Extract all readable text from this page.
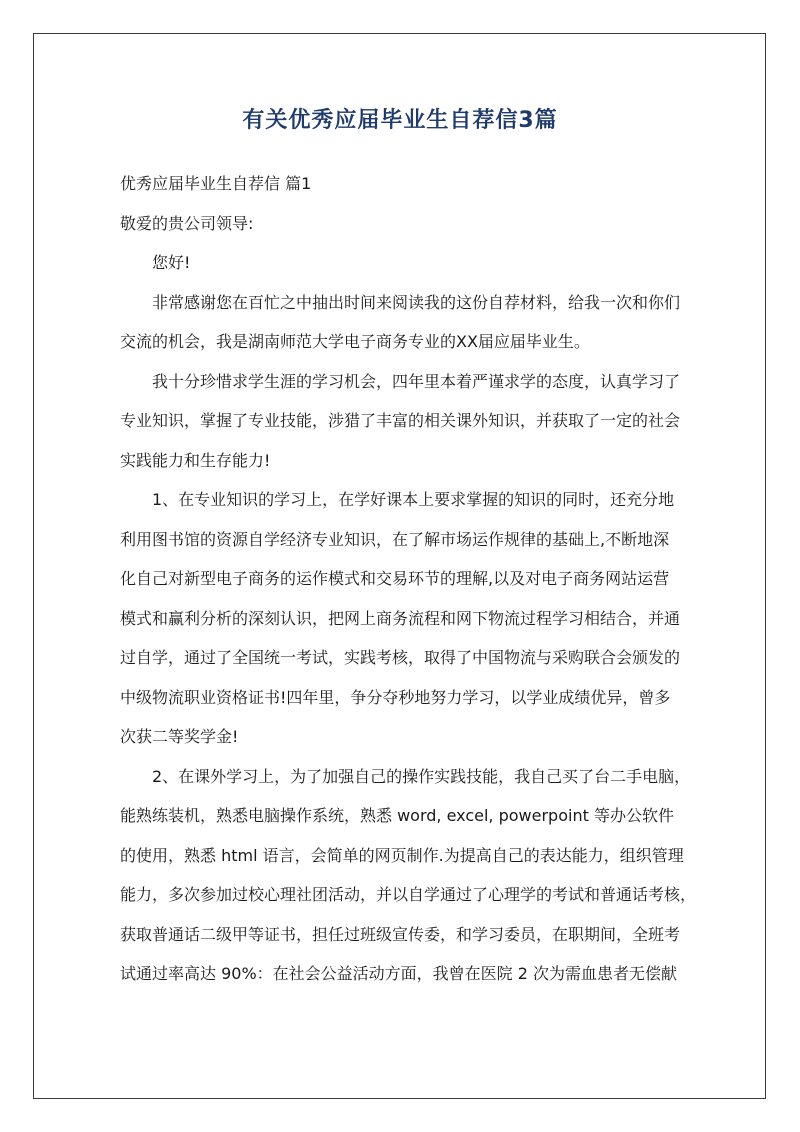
有关优秀应届毕业生自荐信3篇
优秀应届毕业生自荐信 篇1
敬爱的贵公司领导:
您好!
非常感谢您在百忙之中抽出时间来阅读我的这份自荐材料，给我一次和你们
交流的机会，我是湖南师范大学电子商务专业的XX届应届毕业生。
我十分珍惜求学生涯的学习机会，四年里本着严谨求学的态度，认真学习了
专业知识，掌握了专业技能，涉猎了丰富的相关课外知识，并获取了一定的社会
实践能力和生存能力!
1、在专业知识的学习上，在学好课本上要求掌握的知识的同时，还充分地
利用图书馆的资源自学经济专业知识，在了解市场运作规律的基础上,不断地深
化自己对新型电子商务的运作模式和交易环节的理解,以及对电子商务网站运营
模式和赢利分析的深刻认识，把网上商务流程和网下物流过程学习相结合，并通
过自学，通过了全国统一考试，实践考核，取得了中国物流与采购联合会颁发的
中级物流职业资格证书!四年里，争分夺秒地努力学习，以学业成绩优异，曾多
次获二等奖学金!
2、在课外学习上，为了加强自己的操作实践技能，我自己买了台二手电脑，
能熟练装机，熟悉电脑操作系统，熟悉 word, excel, powerpoint 等办公软件
的使用，熟悉 html 语言，会简单的网页制作.为提高自己的表达能力，组织管理
能力，多次参加过校心理社团活动，并以自学通过了心理学的考试和普通话考核，
获取普通话二级甲等证书，担任过班级宣传委，和学习委员，在职期间，全班考
试通过率高达 90%：在社会公益活动方面，我曾在医院 2 次为需血患者无偿献
